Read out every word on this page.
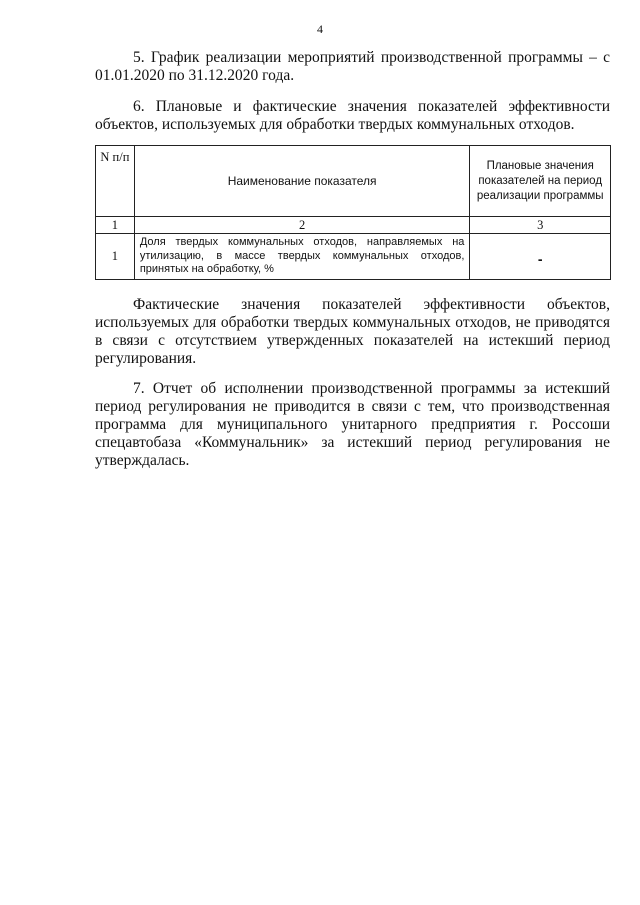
4
5. График реализации мероприятий производственной программы – с 01.01.2020 по 31.12.2020 года.
6. Плановые и фактические значения показателей эффективности объектов, используемых для обработки твердых коммунальных отходов.
N п/п	Наименование показателя	Плановые значения показателей на период реализации программы
1	2	3
1	Доля твердых коммунальных отходов, направляемых на утилизацию, в массе твердых коммунальных отходов, принятых на обработку, %	-
Фактические значения показателей эффективности объектов, используемых для обработки твердых коммунальных отходов, не приводятся в связи с отсутствием утвержденных показателей на истекший период регулирования.
7. Отчет об исполнении производственной программы за истекший период регулирования не приводится в связи с тем, что производственная программа для муниципального унитарного предприятия г. Россоши спецавтобаза «Коммунальник» за истекший период регулирования не утверждалась.
